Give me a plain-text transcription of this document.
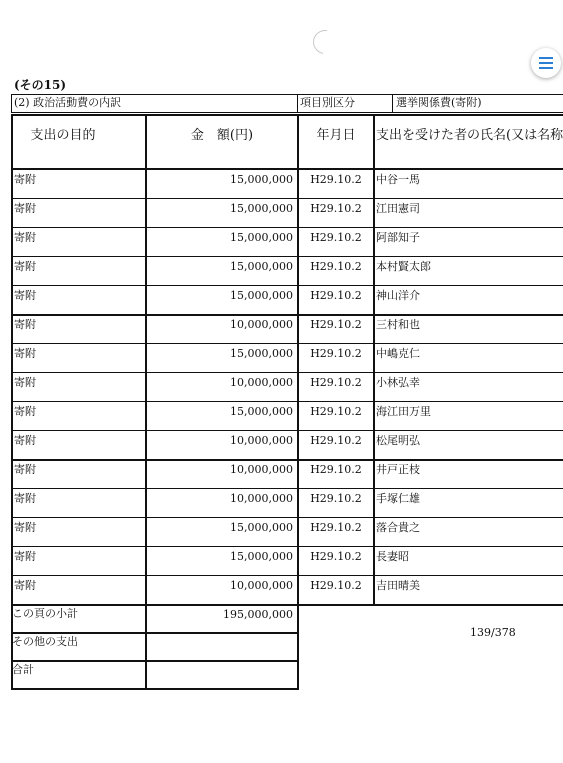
(その15)
(2) 政治活動費の内訳	項目別区分	選挙関係費(寄附)
支出の目的	金　額(円)	年月日	支出を受けた者の氏名(又は名称
寄附	15,000,000	H29.10.2	中谷一馬
寄附	15,000,000	H29.10.2	江田憲司
寄附	15,000,000	H29.10.2	阿部知子
寄附	15,000,000	H29.10.2	本村賢太郎
寄附	15,000,000	H29.10.2	神山洋介
寄附	10,000,000	H29.10.2	三村和也
寄附	15,000,000	H29.10.2	中嶋克仁
寄附	10,000,000	H29.10.2	小林弘幸
寄附	15,000,000	H29.10.2	海江田万里
寄附	10,000,000	H29.10.2	松尾明弘
寄附	10,000,000	H29.10.2	井戸正枝
寄附	10,000,000	H29.10.2	手塚仁雄
寄附	15,000,000	H29.10.2	落合貴之
寄附	15,000,000	H29.10.2	長妻昭
寄附	10,000,000	H29.10.2	吉田晴美
この頁の小計	195,000,000
その他の支出
合計
139/378
